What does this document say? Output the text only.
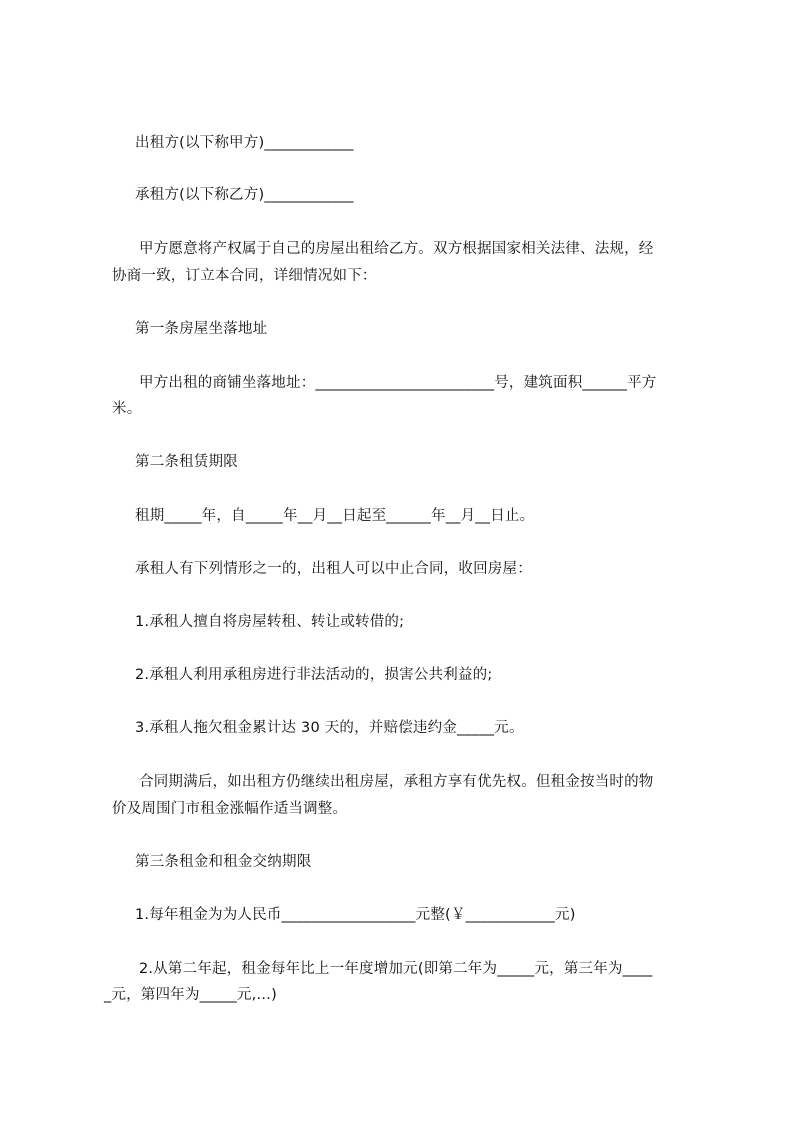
出租方(以下称甲方)____________

承租方(以下称乙方)____________

甲方愿意将产权属于自己的房屋出租给乙方。双方根据国家相关法律、法规，经

协商一致，订立本合同，详细情况如下：

第一条房屋坐落地址

甲方出租的商铺坐落地址：________________________号，建筑面积______平方

米。

第二条租赁期限

租期_____年，自_____年__月__日起至______年__月__日止。

承租人有下列情形之一的，出租人可以中止合同，收回房屋：

1.承租人擅自将房屋转租、转让或转借的;

2.承租人利用承租房进行非法活动的，损害公共利益的;

3.承租人拖欠租金累计达 30 天的，并赔偿违约金_____元。

合同期满后，如出租方仍继续出租房屋，承租方享有优先权。但租金按当时的物

价及周围门市租金涨幅作适当调整。

第三条租金和租金交纳期限

1.每年租金为为人民币__________________元整(￥____________元)

2.从第二年起，租金每年比上一年度增加元(即第二年为_____元，第三年为____

_元，第四年为_____元,…)
